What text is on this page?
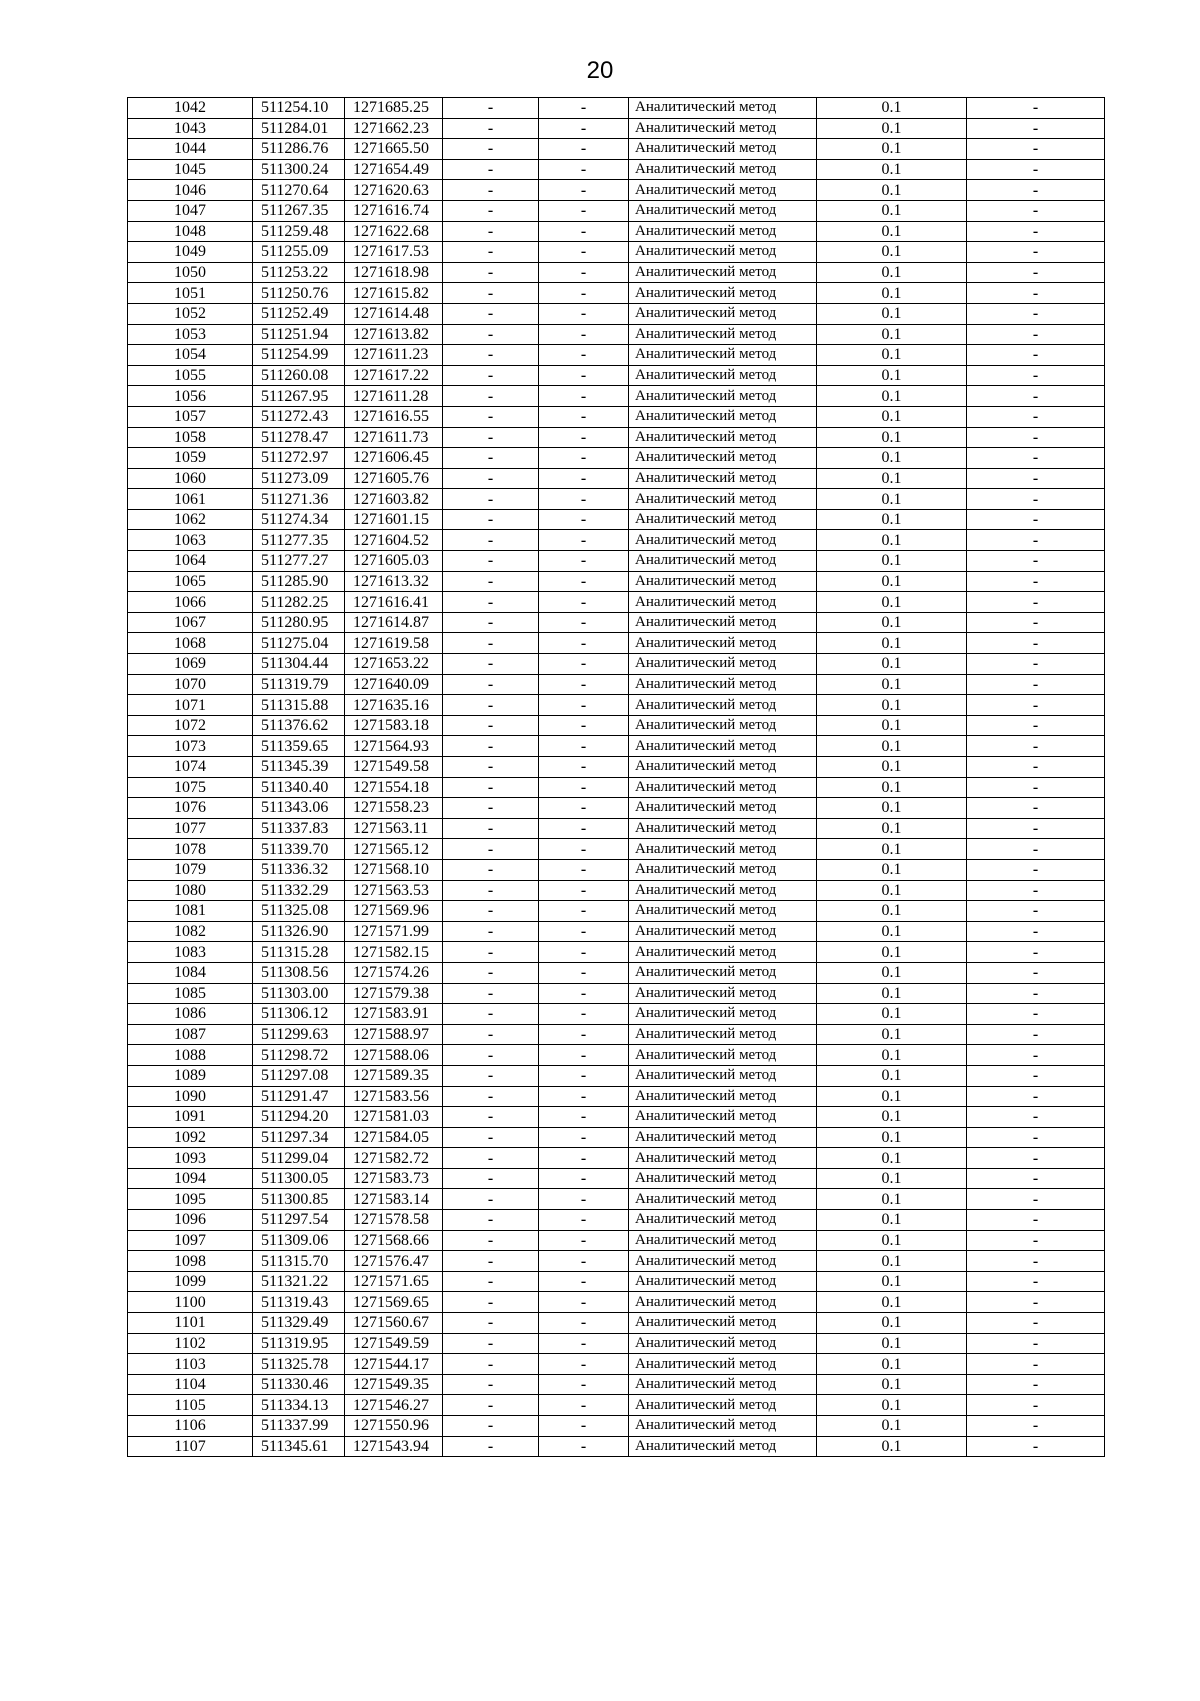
20
1042	511254.10	1271685.25	-	-	Аналитический метод	0.1	-
1043	511284.01	1271662.23	-	-	Аналитический метод	0.1	-
1044	511286.76	1271665.50	-	-	Аналитический метод	0.1	-
1045	511300.24	1271654.49	-	-	Аналитический метод	0.1	-
1046	511270.64	1271620.63	-	-	Аналитический метод	0.1	-
1047	511267.35	1271616.74	-	-	Аналитический метод	0.1	-
1048	511259.48	1271622.68	-	-	Аналитический метод	0.1	-
1049	511255.09	1271617.53	-	-	Аналитический метод	0.1	-
1050	511253.22	1271618.98	-	-	Аналитический метод	0.1	-
1051	511250.76	1271615.82	-	-	Аналитический метод	0.1	-
1052	511252.49	1271614.48	-	-	Аналитический метод	0.1	-
1053	511251.94	1271613.82	-	-	Аналитический метод	0.1	-
1054	511254.99	1271611.23	-	-	Аналитический метод	0.1	-
1055	511260.08	1271617.22	-	-	Аналитический метод	0.1	-
1056	511267.95	1271611.28	-	-	Аналитический метод	0.1	-
1057	511272.43	1271616.55	-	-	Аналитический метод	0.1	-
1058	511278.47	1271611.73	-	-	Аналитический метод	0.1	-
1059	511272.97	1271606.45	-	-	Аналитический метод	0.1	-
1060	511273.09	1271605.76	-	-	Аналитический метод	0.1	-
1061	511271.36	1271603.82	-	-	Аналитический метод	0.1	-
1062	511274.34	1271601.15	-	-	Аналитический метод	0.1	-
1063	511277.35	1271604.52	-	-	Аналитический метод	0.1	-
1064	511277.27	1271605.03	-	-	Аналитический метод	0.1	-
1065	511285.90	1271613.32	-	-	Аналитический метод	0.1	-
1066	511282.25	1271616.41	-	-	Аналитический метод	0.1	-
1067	511280.95	1271614.87	-	-	Аналитический метод	0.1	-
1068	511275.04	1271619.58	-	-	Аналитический метод	0.1	-
1069	511304.44	1271653.22	-	-	Аналитический метод	0.1	-
1070	511319.79	1271640.09	-	-	Аналитический метод	0.1	-
1071	511315.88	1271635.16	-	-	Аналитический метод	0.1	-
1072	511376.62	1271583.18	-	-	Аналитический метод	0.1	-
1073	511359.65	1271564.93	-	-	Аналитический метод	0.1	-
1074	511345.39	1271549.58	-	-	Аналитический метод	0.1	-
1075	511340.40	1271554.18	-	-	Аналитический метод	0.1	-
1076	511343.06	1271558.23	-	-	Аналитический метод	0.1	-
1077	511337.83	1271563.11	-	-	Аналитический метод	0.1	-
1078	511339.70	1271565.12	-	-	Аналитический метод	0.1	-
1079	511336.32	1271568.10	-	-	Аналитический метод	0.1	-
1080	511332.29	1271563.53	-	-	Аналитический метод	0.1	-
1081	511325.08	1271569.96	-	-	Аналитический метод	0.1	-
1082	511326.90	1271571.99	-	-	Аналитический метод	0.1	-
1083	511315.28	1271582.15	-	-	Аналитический метод	0.1	-
1084	511308.56	1271574.26	-	-	Аналитический метод	0.1	-
1085	511303.00	1271579.38	-	-	Аналитический метод	0.1	-
1086	511306.12	1271583.91	-	-	Аналитический метод	0.1	-
1087	511299.63	1271588.97	-	-	Аналитический метод	0.1	-
1088	511298.72	1271588.06	-	-	Аналитический метод	0.1	-
1089	511297.08	1271589.35	-	-	Аналитический метод	0.1	-
1090	511291.47	1271583.56	-	-	Аналитический метод	0.1	-
1091	511294.20	1271581.03	-	-	Аналитический метод	0.1	-
1092	511297.34	1271584.05	-	-	Аналитический метод	0.1	-
1093	511299.04	1271582.72	-	-	Аналитический метод	0.1	-
1094	511300.05	1271583.73	-	-	Аналитический метод	0.1	-
1095	511300.85	1271583.14	-	-	Аналитический метод	0.1	-
1096	511297.54	1271578.58	-	-	Аналитический метод	0.1	-
1097	511309.06	1271568.66	-	-	Аналитический метод	0.1	-
1098	511315.70	1271576.47	-	-	Аналитический метод	0.1	-
1099	511321.22	1271571.65	-	-	Аналитический метод	0.1	-
1100	511319.43	1271569.65	-	-	Аналитический метод	0.1	-
1101	511329.49	1271560.67	-	-	Аналитический метод	0.1	-
1102	511319.95	1271549.59	-	-	Аналитический метод	0.1	-
1103	511325.78	1271544.17	-	-	Аналитический метод	0.1	-
1104	511330.46	1271549.35	-	-	Аналитический метод	0.1	-
1105	511334.13	1271546.27	-	-	Аналитический метод	0.1	-
1106	511337.99	1271550.96	-	-	Аналитический метод	0.1	-
1107	511345.61	1271543.94	-	-	Аналитический метод	0.1	-
